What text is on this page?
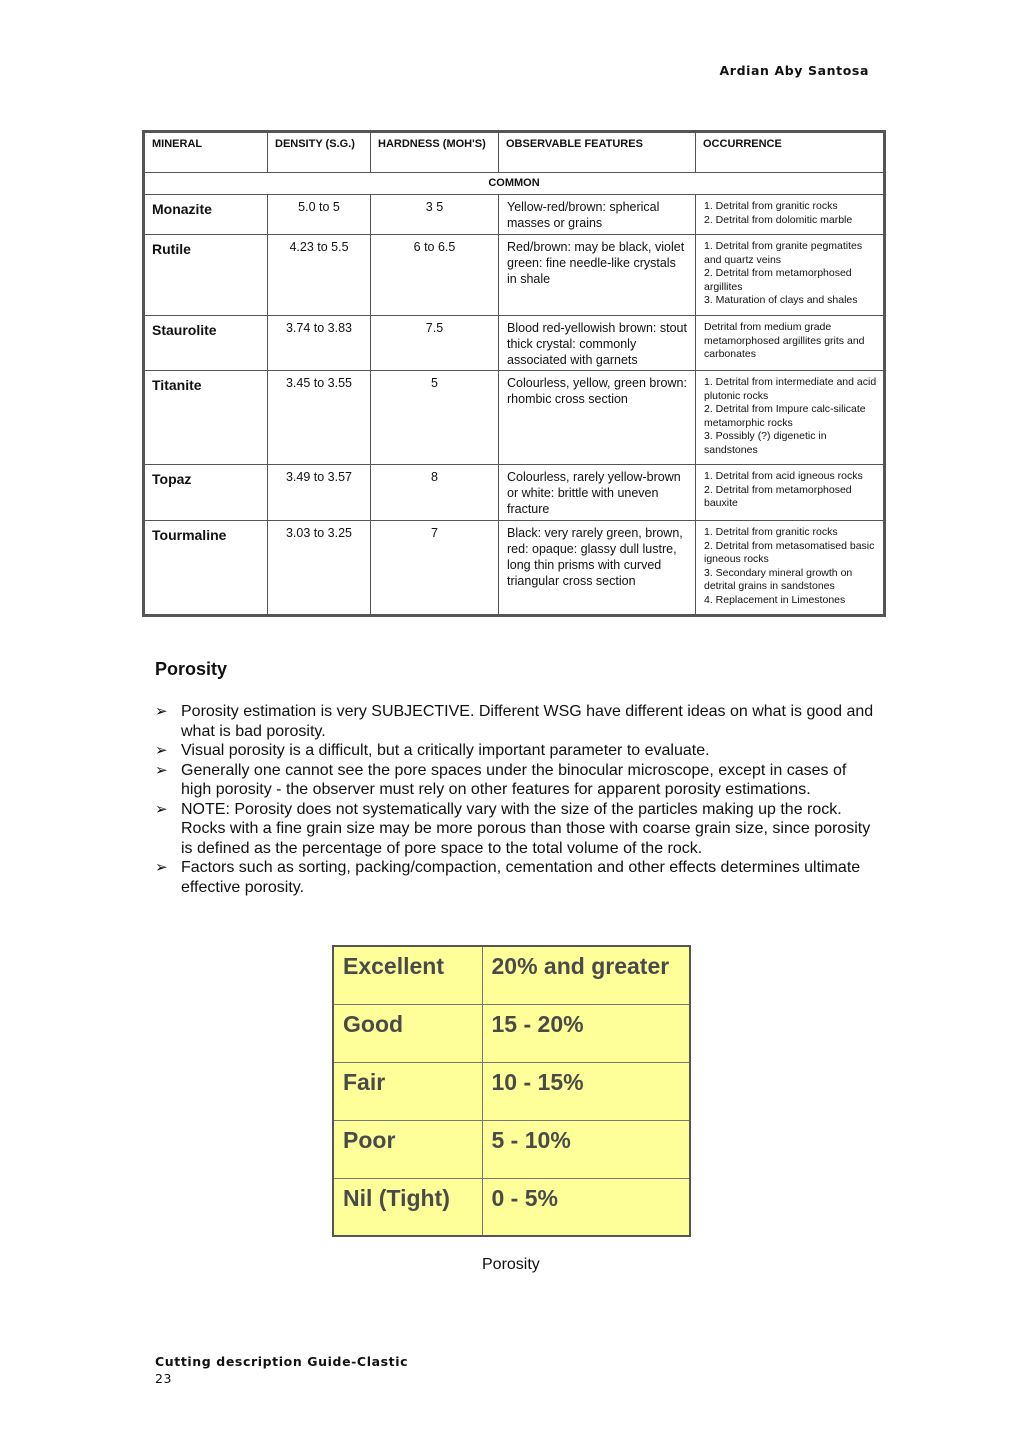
Ardian Aby Santosa
MINERAL	DENSITY (S.G.)	HARDNESS (MOH'S)	OBSERVABLE FEATURES	OCCURRENCE
COMMON				
Monazite	5.0 to 5	3 5	Yellow-red/brown: spherical masses or grains	1. Detrital from granitic rocks
2. Detrital from dolomitic marble

Rutile	4.23 to 5.5	6 to 6.5	Red/brown: may be black, violet green: fine needle-like crystals in shale	1. Detrital from granite pegmatites and quartz veins
2. Detrital from metamorphosed argillites
3. Maturation of clays and shales

Staurolite	3.74 to 3.83	7.5	Blood red-yellowish brown: stout thick crystal: commonly associated with garnets	Detrital from medium grade metamorphosed argillites grits and carbonates

Titanite	3.45 to 3.55	5	Colourless, yellow, green brown: rhombic cross section	1. Detrital from intermediate and acid plutonic rocks
2. Detrital from Impure calc-silicate metamorphic rocks
3. Possibly (?) digenetic in sandstones

Topaz	3.49 to 3.57	8	Colourless, rarely yellow-brown or white: brittle with uneven fracture	1. Detrital from acid igneous rocks
2. Detrital from metamorphosed bauxite

Tourmaline	3.03 to 3.25	7	Black: very rarely green, brown, red: opaque: glassy dull lustre, long thin prisms with curved triangular cross section	1. Detrital from granitic rocks
2. Detrital from metasomatised basic igneous rocks
3. Secondary mineral growth on detrital grains in sandstones
4. Replacement in Limestones
Porosity
➢ Porosity estimation is very SUBJECTIVE. Different WSG have different ideas on what is good and what is bad porosity.
➢ Visual porosity is a difficult, but a critically important parameter to evaluate.
➢ Generally one cannot see the pore spaces under the binocular microscope, except in cases of high porosity - the observer must rely on other features for apparent porosity estimations.
➢ NOTE: Porosity does not systematically vary with the size of the particles making up the rock. Rocks with a fine grain size may be more porous than those with coarse grain size, since porosity is defined as the percentage of pore space to the total volume of the rock.
➢ Factors such as sorting, packing/compaction, cementation and other effects determines ultimate effective porosity.
Excellent	20% and greater
Good	15 - 20%
Fair	10 - 15%
Poor	5 - 10%
Nil (Tight)	0 - 5%
Porosity
Cutting description Guide-Clastic
23
